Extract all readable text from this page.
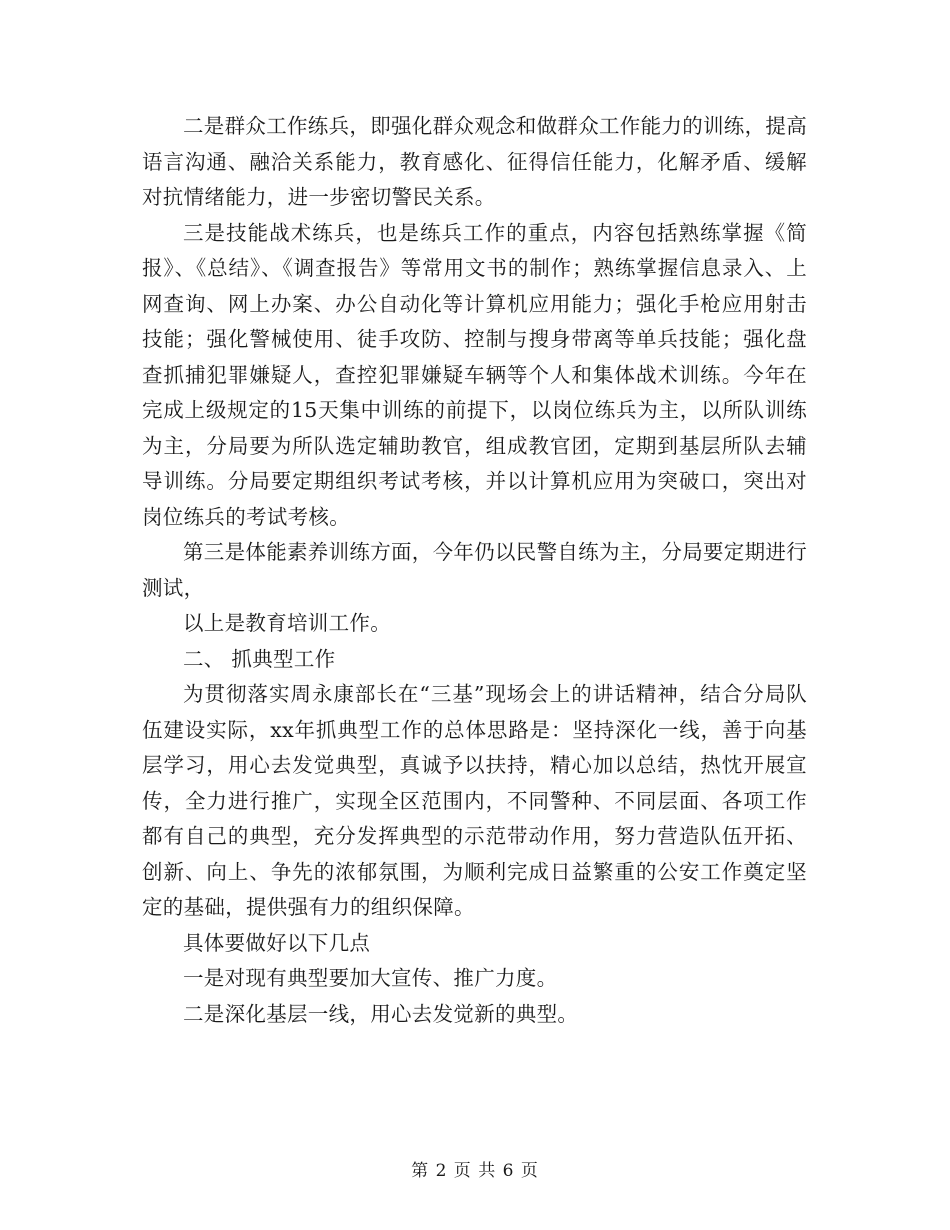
二是群众工作练兵，即强化群众观念和做群众工作能力的训练，提高语言沟通、融洽关系能力，教育感化、征得信任能力，化解矛盾、缓解对抗情绪能力，进一步密切警民关系。

三是技能战术练兵，也是练兵工作的重点，内容包括熟练掌握《简报》、《总结》、《调查报告》等常用文书的制作；熟练掌握信息录入、上网查询、网上办案、办公自动化等计算机应用能力；强化手枪应用射击技能；强化警械使用、徒手攻防、控制与搜身带离等单兵技能；强化盘查抓捕犯罪嫌疑人，查控犯罪嫌疑车辆等个人和集体战术训练。今年在完成上级规定的15天集中训练的前提下，以岗位练兵为主，以所队训练为主，分局要为所队选定辅助教官，组成教官团，定期到基层所队去辅导训练。分局要定期组织考试考核，并以计算机应用为突破口，突出对岗位练兵的考试考核。

第三是体能素养训练方面，今年仍以民警自练为主，分局要定期进行测试，

以上是教育培训工作。

二、 抓典型工作

为贯彻落实周永康部长在“三基”现场会上的讲话精神，结合分局队伍建设实际，xx年抓典型工作的总体思路是：坚持深化一线，善于向基层学习，用心去发觉典型，真诚予以扶持，精心加以总结，热忱开展宣传，全力进行推广，实现全区范围内，不同警种、不同层面、各项工作都有自己的典型，充分发挥典型的示范带动作用，努力营造队伍开拓、创新、向上、争先的浓郁氛围，为顺利完成日益繁重的公安工作奠定坚定的基础，提供强有力的组织保障。

具体要做好以下几点

一是对现有典型要加大宣传、推广力度。

二是深化基层一线，用心去发觉新的典型。

第 2 页 共 6 页
